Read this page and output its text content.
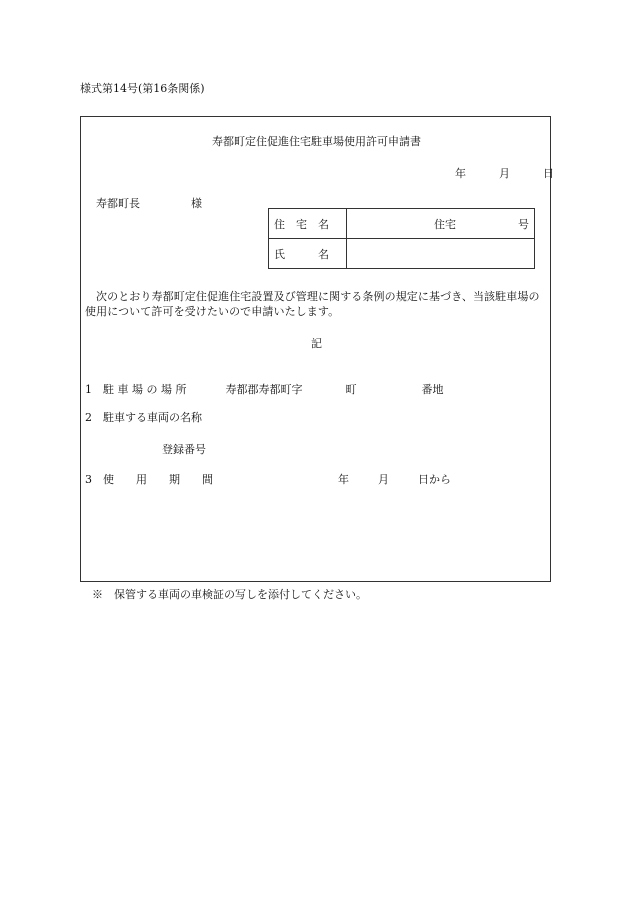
様式第14号(第16条関係)
寿都町定住促進住宅駐車場使用許可申請書
年	月	日
寿都町長	様
住　宅　名	住宅 号

氏　　　名	
次のとおり寿都町定住促進住宅設置及び管理に関する条例の規定に基づき、当該駐車場の使用について許可を受けたいので申請いたします。
記
1　駐 車 場 の 場 所	寿都郡寿都町字	町	番地
2　駐車する車両の名称
登録番号
3　使　　用　　期　　間	年	月	日から
※　保管する車両の車検証の写しを添付してください。
